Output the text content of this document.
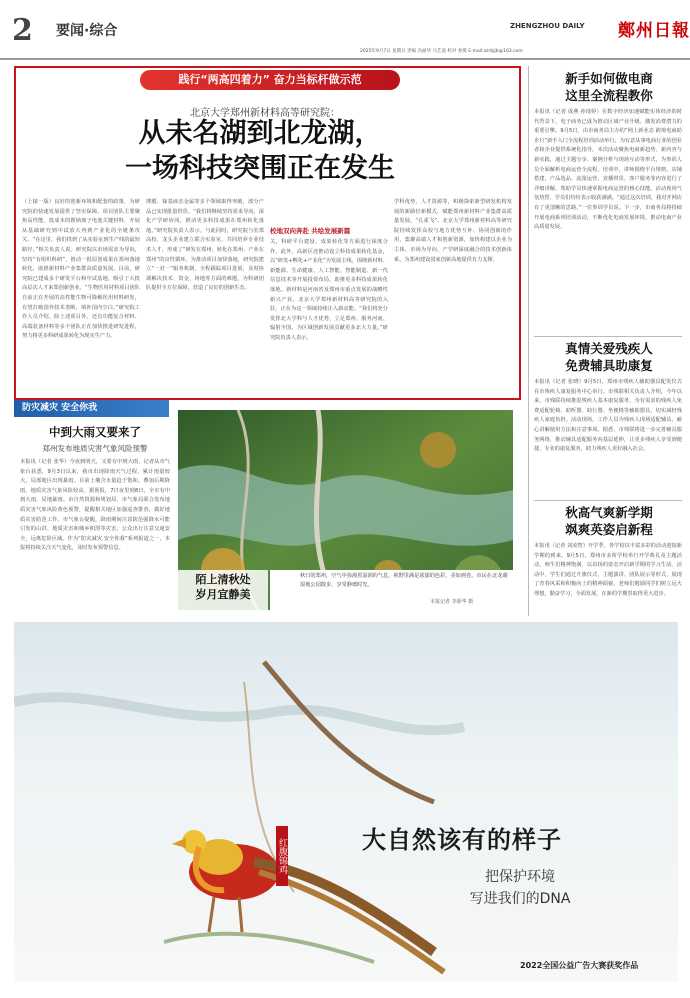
2 要闻·综合	ZHENGZHOU DAILY 鄭州日報
2025年9月7日 星期日 责编 冯丽华 马艺迪 校对 春燕 E-mail:zzrbjjb@163.com
践行“两高四着力” 奋力当标杆做示范
北京大学郑州新材料高等研究院：
从未名湖到北龙湖，
一场科技突围正在发生
（上接一版）良好的创新环境和配套的政策，为研究院的快速发展提供了坚实保障。项目团队主要聚焦高性能、低成本的锂钠离子电池关键材料，开展从基础研究到中试放大再到产业化的全链条攻关。“在这里，我们找到了从实验室到生产线的最短路径。”相关负责人说。研究院以市场需求为导向，坚持“有组织科研”，推动一批原创成果在郑州落地转化，助推新材料产业集群高质量发展。目前，研究院已建成多个研发平台和中试基地，吸引了大批高层次人才来郑创新创业。“生物医用材料项目团队自前正在开展的高性能生物可降解医用材料研发，有望打破国外技术垄断，填补国内空白。”研究院工作人员介绍。除上述项目外，还有功能复合材料、高端装备材料等多个团队正在加快推进研发进程，努力将更多科研成果转化为现实生产力。
薄膜、镓基液态金属等多个领域取得突破，部分产品已实现批量供货。“我们将继续坚持需求导向，深化产学研协同，推动更多科技成果在郑州转化落地。”研究院负责人表示。与此同时，研究院与驻郑高校、龙头企业建立联合实验室，共同培养专业技术人才，形成了“研发在郑州、转化在郑州、产业在郑州”的良性循环。为推动项目加快落地，研究院建立“一对一”服务机制，全程跟踪项目进展，及时协调解决技术、资金、场地等方面的难题，为科研团队提供全方位保障，营造了良好的创新生态。
校地双向奔赴 共绘发展新篇
关，科研平台建设、成果转化等方面进行深度合作。此外，高新区还推动设立科技成果转化基金，以“研发+孵化+产业化”为发展主线，围绕新材料、新能源、生命健康、人工智能、智能制造、新一代信息技术等开展投资布局，助推更多科技成果转化落地。新材料是河南省及郑州市重点发展的战略性新兴产业。北京大学郑州新材料高等研究院的入驻，正在为这一领域持续注入新动能。“我们将充分发挥北大学科与人才优势，立足郑州、服务河南、辐射全国，为区域创新发展贡献更多北大力量。”研究院负责人表示。
学科优势，人才资源等，积极探索新型研发机构发展的新路径新模式，赋能郑州新材料产业集群高质量发展，“孔雀飞”。北京大学郑州新材料高等研究院持续发挥高校与地方优势互补、协同创新的作用，集聚高端人才和创新资源，加快构建以企业为主体、市场为导向、产学研深度融合的技术创新体系，为郑州建设国家创新高地提供有力支撑。
新手如何做电商
这里全流程教你
本报讯（记者 成燕 孙琦婷）在数字经济加速赋能实体经济的时代背景下，电子商务已成为推动区域产业升级、激发消费潜力的重要引擎。9月5日，由市商务局主办的“网上新业态 跨境电商助企行”新手入门全流程培训活动举行，为有意从事电商行业的创业者和企业提供系统化指导。本次活动聚焦电商新趋势、新内容与新实践，通过主题分享、案例分析与现场互动等形式，为参训人员全面解析电商运营全流程。培训中，讲师围绕平台规则、店铺搭建、产品选品、流量运营、直播带货、客户服务等内容进行了详细讲解，帮助学员快速掌握电商运营的核心技能。活动现场气氛热烈，学员们纷纷表示收获满满。“通过这次培训，我对开网店有了更清晰的思路。”一位参训学员说。下一步，市商务局将持续开展电商系列培训活动，不断优化电商发展环境，推动电商产业高质量发展。
真情关爱残疾人
免费辅具助康复
本报讯（记者 张晓）9月5日，郑州市残疾人辅助器具配发仪式在市残疾人康复服务中心举行。市残联相关负责人介绍，今年以来，市残联持续推进残疾人基本康复服务，为有需求的残疾人免费适配轮椅、助听器、助行器、坐便椅等辅助器具，切实减轻残疾人家庭负担。活动现场，工作人员为残疾人现场适配辅具，耐心讲解使用方法和注意事项。据悉，市残联将进一步完善辅具服务网络，推动辅具适配服务向基层延伸，让更多残疾人享受到便捷、专业的康复服务，助力残疾人更好融入社会。
秋高气爽新学期
飒爽英姿启新程
本报讯（记者 刘凌智）开学季，各学校以丰富多彩的活动迎接新学期的到来。9月5日，郑州市多所学校举行开学典礼及主题活动，师生们精神饱满，以昂扬的姿态开启新学期的学习生活。活动中，学生们通过升旗仪式、主题演讲、团队展示等形式，展现了青春风采和积极向上的精神面貌。老师们勉励同学们树立远大理想，勤奋学习，全面发展，在新的学期里取得更大进步。
防灾减灾 安全你我
中到大雨又要来了
郑州发布地质灾害气象风险预警
本报讯（记者 张华）今夜到明天，又要有中到大雨，记者从市气象台获悉，9月3日以来，我市出现降雨天气过程，累计雨量较大，局部地区出现暴雨。目前土壤含水量趋于饱和，叠加后期降雨，地质灾害气象风险较高。据预报，7日夜里到8日，全市有中到大雨，局地暴雨。市自然资源和规划局、市气象局联合发布地质灾害气象风险黄色预警，提醒相关地区加强巡查排查，做好地质灾害防范工作。市气象台提醒，降雨期间注意防范强降水可能引发的山洪、地质灾害和城乡积涝等灾害，公众出行注意交通安全，远离危险区域。作为“防灾减灾 安全你我”系列报道之一，本报将持续关注天气变化，及时发布预警信息。
陌上清秋处
岁月宜静美
秋日的郑州，空气中弥漫着湿润的气息，视野里满是浓郁的色彩，美如画卷。市民在北龙湖湿地公园散步，享受静谧时光。
本报记者 李新华 摄
红腹锦鸡	大自然该有的样子
把保护环境
写进我们的DNA
2022全国公益广告大赛获奖作品
